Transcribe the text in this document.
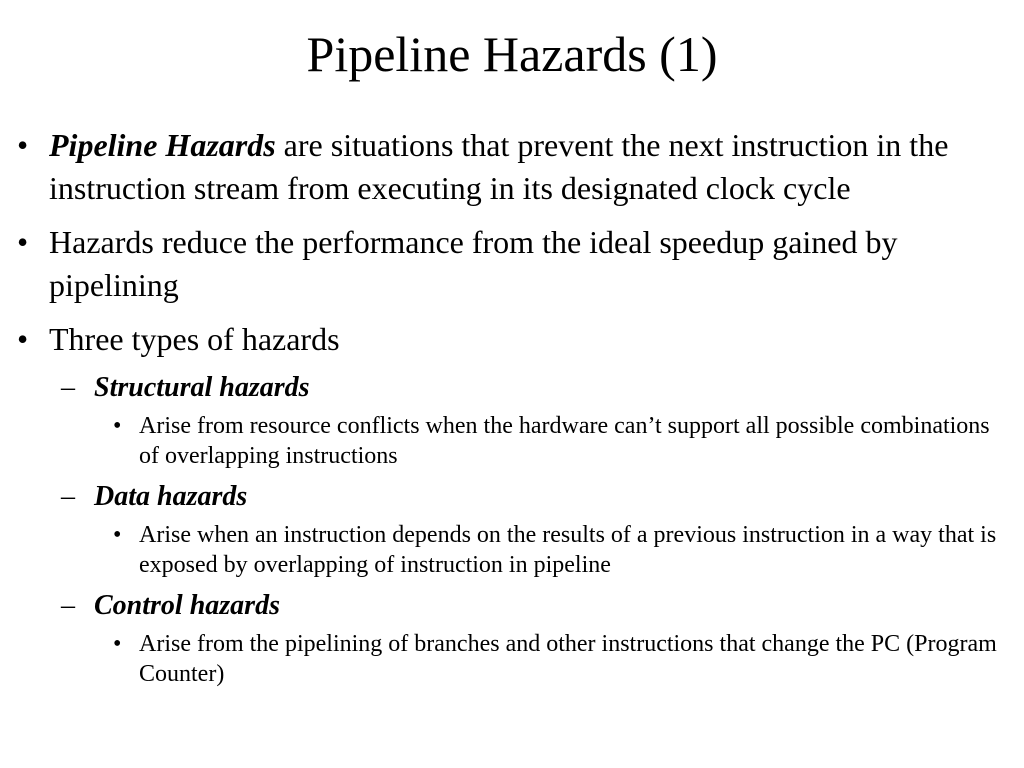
Pipeline Hazards (1)
• Pipeline Hazards are situations that prevent the next instruction in the instruction stream from executing in its designated clock cycle
• Hazards reduce the performance from the ideal speedup gained by pipelining
• Three types of hazards
– Structural hazards
• Arise from resource conflicts when the hardware can’t support all possible combinations of overlapping instructions
– Data hazards
• Arise when an instruction depends on the results of a previous instruction in a way that is exposed by overlapping of instruction in pipeline
– Control hazards
• Arise from the pipelining of branches and other instructions that change the PC (Program Counter)
